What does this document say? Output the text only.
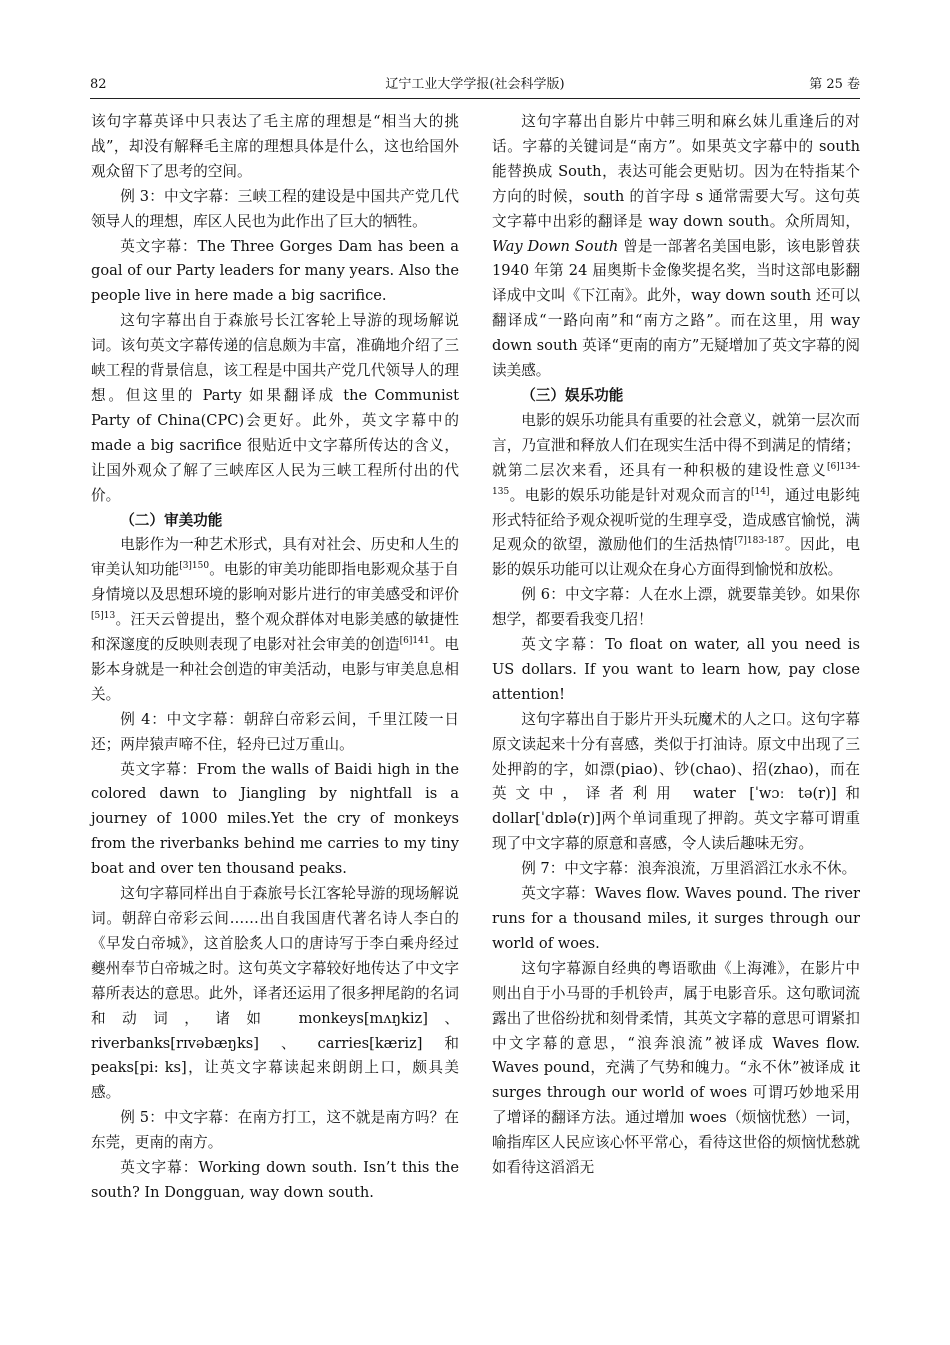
辽宁工业大学学报(社会科学版)
82	第 25 卷

该句字幕英译中只表达了毛主席的理想是“相当大的挑战”，却没有解释毛主席的理想具体是什么，这也给国外观众留下了思考的空间。

例 3：中文字幕：三峡工程的建设是中国共产党几代领导人的理想，库区人民也为此作出了巨大的牺牲。

英文字幕：The Three Gorges Dam has been a goal of our Party leaders for many years. Also the people live in here made a big sacrifice.

这句字幕出自于森旅号长江客轮上导游的现场解说词。该句英文字幕传递的信息颇为丰富，准确地介绍了三峡工程的背景信息，该工程是中国共产党几代领导人的理想。但这里的 Party 如果翻译成 the Communist Party of China(CPC)会更好。此外，英文字幕中的 made a big sacrifice 很贴近中文字幕所传达的含义，让国外观众了解了三峡库区人民为三峡工程所付出的代价。

（二）审美功能

电影作为一种艺术形式，具有对社会、历史和人生的审美认知功能$^{[3]150}$。电影的审美功能即指电影观众基于自身情境以及思想环境的影响对影片进行的审美感受和评价$^{[5]13}$。汪天云曾提出，整个观众群体对电影美感的敏捷性和深邃度的反映则表现了电影对社会审美的创造$^{[6]141}$。电影本身就是一种社会创造的审美活动，电影与审美息息相关。

例 4：中文字幕：朝辞白帝彩云间，千里江陵一日还；两岸猿声啼不住，轻舟已过万重山。

英文字幕：From the walls of Baidi high in the colored dawn to Jiangling by nightfall is a journey of 1000 miles.Yet the cry of monkeys from the riverbanks behind me carries to my tiny boat and over ten thousand peaks.

这句字幕同样出自于森旅号长江客轮导游的现场解说词。朝辞白帝彩云间……出自我国唐代著名诗人李白的《早发白帝城》，这首脍炙人口的唐诗写于李白乘舟经过夔州奉节白帝城之时。这句英文字幕较好地传达了中文字幕所表达的意思。此外，译者还运用了很多押尾韵的名词和动词，诸如 monkeys[mʌŋkiz]、riverbanks[rɪvəbæŋks]、carries[kæriz]和 peaks[pi: ks]，让英文字幕读起来朗朗上口，颇具美感。

例 5：中文字幕：在南方打工，这不就是南方吗？在东莞，更南的南方。

英文字幕：Working down south. Isn’t this the south? In Dongguan, way down south.

这句字幕出自影片中韩三明和麻幺妹儿重逢后的对话。字幕的关键词是“南方”。如果英文字幕中的 south 能替换成 South，表达可能会更贴切。因为在特指某个方向的时候，south 的首字母 s 通常需要大写。这句英文字幕中出彩的翻译是 way down south。众所周知，Way Down South 曾是一部著名美国电影，该电影曾获 1940 年第 24 届奥斯卡金像奖提名奖，当时这部电影翻译成中文叫《下江南》。此外，way down south 还可以翻译成“一路向南”和“南方之路”。而在这里，用 way down south 英译“更南的南方”无疑增加了英文字幕的阅读美感。

（三）娱乐功能

电影的娱乐功能具有重要的社会意义，就第一层次而言，乃宣泄和释放人们在现实生活中得不到满足的情绪；就第二层次来看，还具有一种积极的建设性意义$^{[6]134-135}$。电影的娱乐功能是针对观众而言的[14]，通过电影纯形式特征给予观众视听觉的生理享受，造成感官愉悦，满足观众的欲望，激励他们的生活热情$^{[7]183-187}$。因此，电影的娱乐功能可以让观众在身心方面得到愉悦和放松。

例 6：中文字幕：人在水上漂，就要靠美钞。如果你想学，都要看我变几招！

英文字幕：To float on water, all you need is US dollars. If you want to learn how, pay close attention!

这句字幕出自于影片开头玩魔术的人之口。这句字幕原文读起来十分有喜感，类似于打油诗。原文中出现了三处押韵的字，如漂(piao)、钞(chao)、招(zhao)，而在英文中，译者利用 water [ˈwɔː tə(r)]和 dollar[ˈdɒlə(r)]两个单词重现了押韵。英文字幕可谓重现了中文字幕的原意和喜感，令人读后趣味无穷。

例 7：中文字幕：浪奔浪流，万里滔滔江水永不休。

英文字幕：Waves flow. Waves pound. The river runs for a thousand miles, it surges through our world of woes.

这句字幕源自经典的粤语歌曲《上海滩》，在影片中则出自于小马哥的手机铃声，属于电影音乐。这句歌词流露出了世俗纷扰和刻骨柔情，其英文字幕的意思可谓紧扣中文字幕的意思，“浪奔浪流”被译成 Waves flow. Waves pound，充满了气势和魄力。“永不休”被译成 it surges through our world of woes 可谓巧妙地采用了增译的翻译方法。通过增加 woes（烦恼忧愁）一词，喻指库区人民应该心怀平常心，看待这世俗的烦恼忧愁就如看待这滔滔无
